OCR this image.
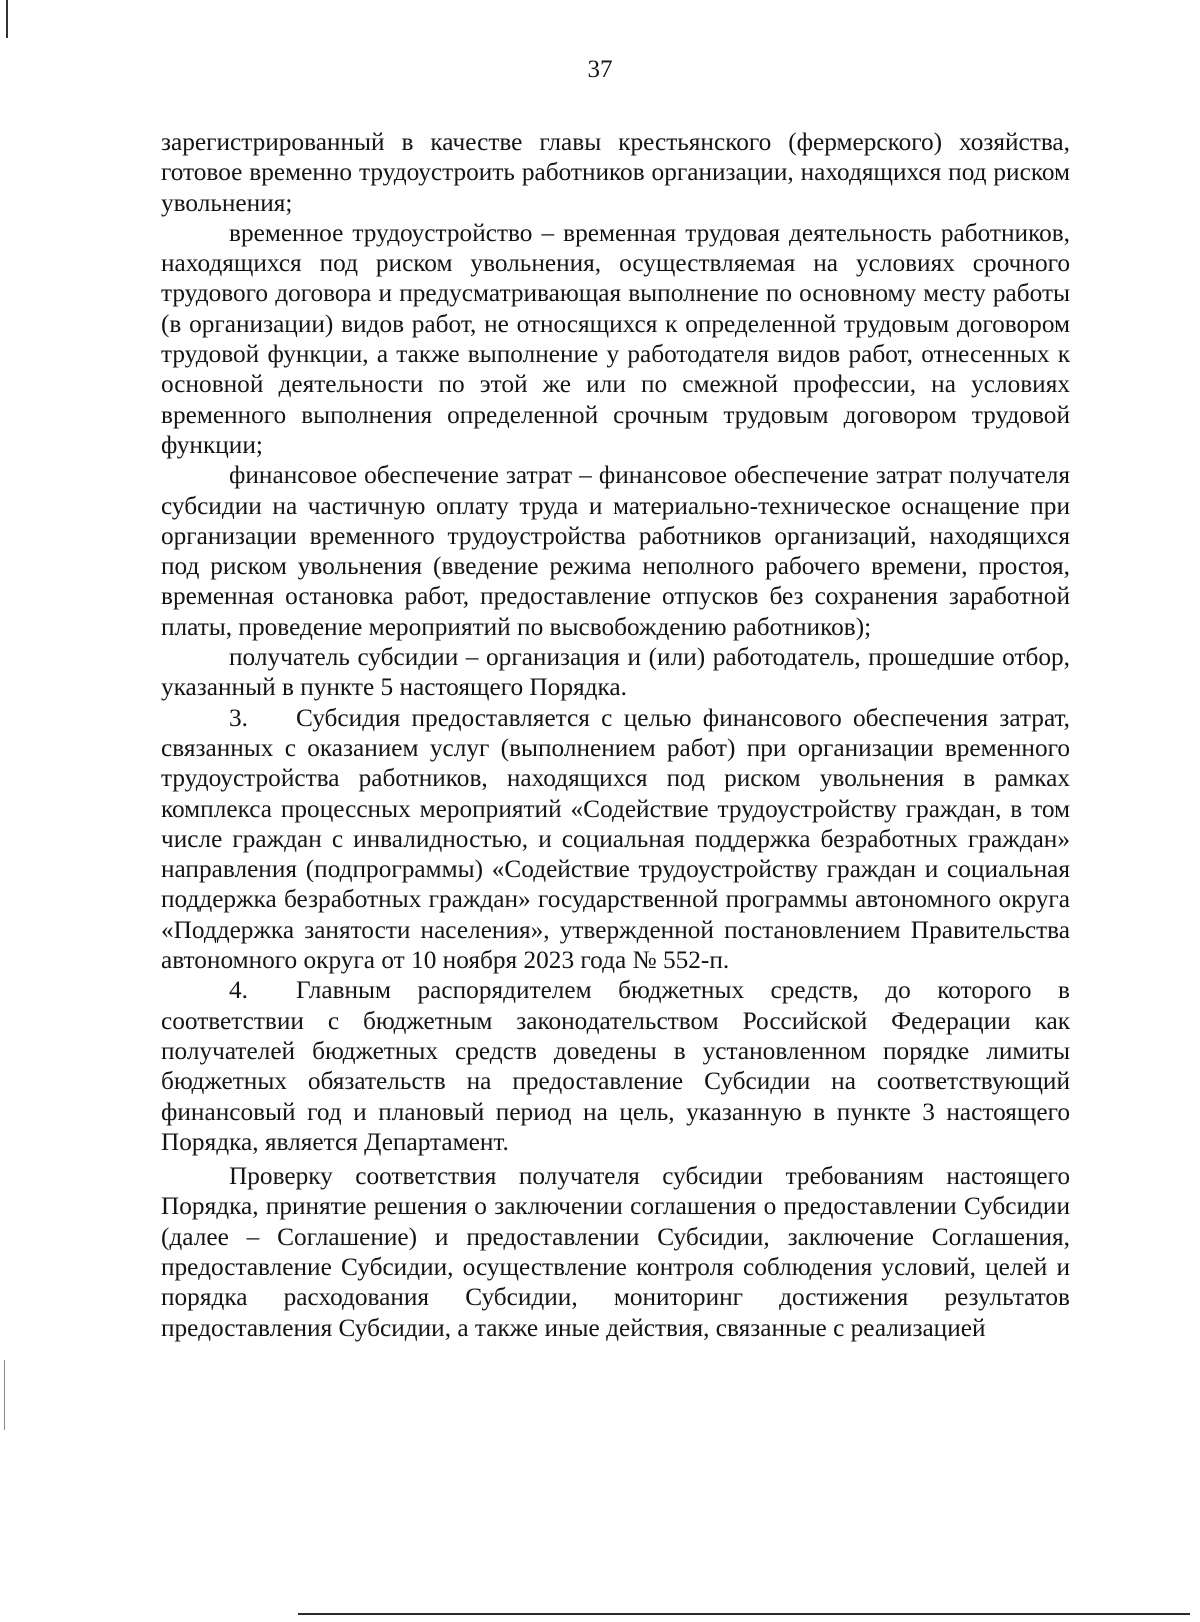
37

зарегистрированный в качестве главы крестьянского (фермерского) хозяйства, готовое временно трудоустроить работников организации, находящихся под риском увольнения;

временное трудоустройство – временная трудовая деятельность работников, находящихся под риском увольнения, осуществляемая на условиях срочного трудового договора и предусматривающая выполнение по основному месту работы (в организации) видов работ, не относящихся к определенной трудовым договором трудовой функции, а также выполнение у работодателя видов работ, отнесенных к основной деятельности по этой же или по смежной профессии, на условиях временного выполнения определенной срочным трудовым договором трудовой функции;

финансовое обеспечение затрат – финансовое обеспечение затрат получателя субсидии на частичную оплату труда и материально-техническое оснащение при организации временного трудоустройства работников организаций, находящихся под риском увольнения (введение режима неполного рабочего времени, простоя, временная остановка работ, предоставление отпусков без сохранения заработной платы, проведение мероприятий по высвобождению работников);

получатель субсидии – организация и (или) работодатель, прошедшие отбор, указанный в пункте 5 настоящего Порядка.

3. Субсидия предоставляется с целью финансового обеспечения затрат, связанных с оказанием услуг (выполнением работ) при организации временного трудоустройства работников, находящихся под риском увольнения в рамках комплекса процессных мероприятий «Содействие трудоустройству граждан, в том числе граждан с инвалидностью, и социальная поддержка безработных граждан» направления (подпрограммы) «Содействие трудоустройству граждан и социальная поддержка безработных граждан» государственной программы автономного округа «Поддержка занятости населения», утвержденной постановлением Правительства автономного округа от 10 ноября 2023 года № 552-п.

4. Главным распорядителем бюджетных средств, до которого в соответствии с бюджетным законодательством Российской Федерации как получателей бюджетных средств доведены в установленном порядке лимиты бюджетных обязательств на предоставление Субсидии на соответствующий финансовый год и плановый период на цель, указанную в пункте 3 настоящего Порядка, является Департамент.

Проверку соответствия получателя субсидии требованиям настоящего Порядка, принятие решения о заключении соглашения о предоставлении Субсидии (далее – Соглашение) и предоставлении Субсидии, заключение Соглашения, предоставление Субсидии, осуществление контроля соблюдения условий, целей и порядка расходования Субсидии, мониторинг достижения результатов предоставления Субсидии, а также иные действия, связанные с реализацией
